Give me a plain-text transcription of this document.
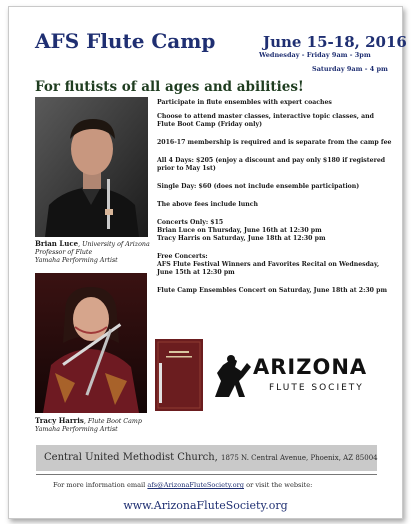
AFS Flute Camp	June 15-18, 2016
Wednesday - Friday 9am - 3pm
Saturday 9am - 4 pm
For flutists of all ages and abilities!
Brian Luce, University of Arizona
Professor of Flute
Yamaha Performing Artist
Tracy Harris, Flute Boot Camp
Yamaha Performing Artist

Participate in flute ensembles with expert coaches

Choose to attend master classes, interactive topic classes, and Flute Boot Camp (Friday only)

2016-17 membership is required and is separate from the camp fee

All 4 Days: $205 (enjoy a discount and pay only $180 if registered prior to May 1st)

Single Day: $60 (does not include ensemble participation)

The above fees include lunch

Concerts Only: $15

Brian Luce on Thursday, June 16th at 12:30 pm

Tracy Harris on Saturday, June 18th at 12:30 pm

Free Concerts:

AFS Flute Festival Winners and Favorites Recital on Wednesday, June 15th at 12:30 pm

Flute Camp Ensembles Concert on Saturday, June 18th at 2:30 pm

ARIZONA
FLUTE SOCIETY
Central United Methodist Church, 1875 N. Central Avenue, Phoenix, AZ 85004
For more information email afs@ArizonaFluteSociety.org or visit the website:
www.ArizonaFluteSociety.org
